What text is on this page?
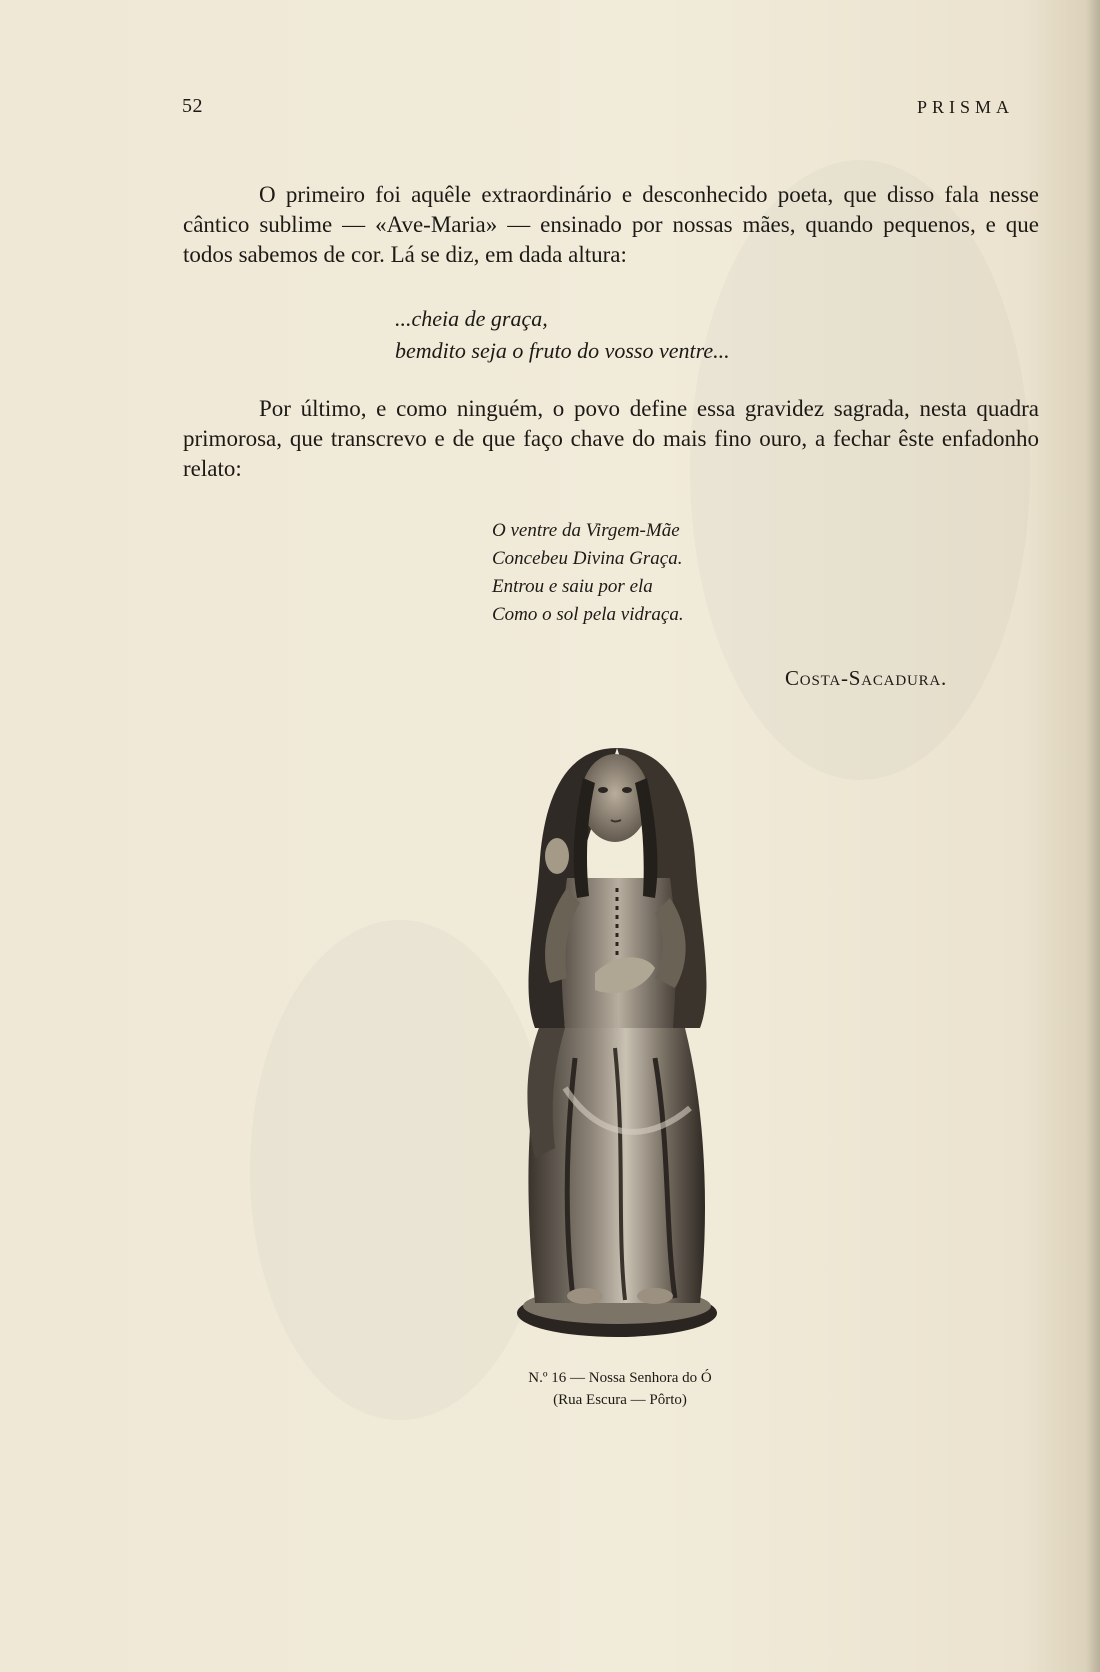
52	PRISMA

O primeiro foi aquêle extraordinário e desconhecido poeta, que disso fala nesse cântico sublime — «Ave-Maria» — ensinado por nossas mães, quando pequenos, e que todos sabemos de cor. Lá se diz, em dada altura:

...cheia de graça,
bemdito seja o fruto do vosso ventre...

Por último, e como ninguém, o povo define essa gravidez sagrada, nesta quadra primorosa, que transcrevo e de que faço chave do mais fino ouro, a fechar êste enfadonho relato:

O ventre da Virgem-Mãe
Concebeu Divina Graça.
Entrou e saiu por ela
Como o sol pela vidraça.
Costa-Sacadura.
N.º 16 — Nossa Senhora do Ó
(Rua Escura — Pôrto)
